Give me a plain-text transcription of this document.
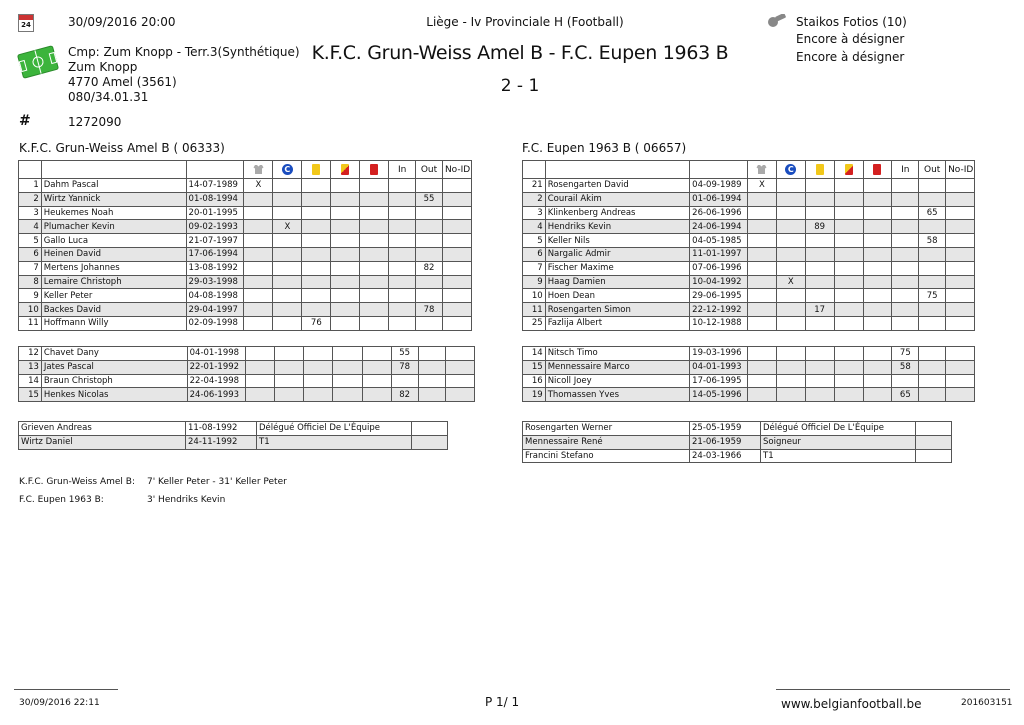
24	30/09/2016 20:00
Cmp: Zum Knopp - Terr.3(Synthétique)
Zum Knopp
4770 Amel (3561)
080/34.01.31
Liège - Iv Provinciale H (Football)
K.F.C. Grun-Weiss Amel B - F.C. Eupen 1963 B
2 - 1
Staikos Fotios (10)
Encore à désigner
Encore à désigner
#	1272090
K.F.C. Grun-Weiss Amel B ( 06333)	F.C. Eupen 1963 B ( 06657)
				C				In	Out	No-ID
1	Dahm Pascal	14-07-1989	X							
2	Wirtz Yannick	01-08-1994							55	
3	Heukemes Noah	20-01-1995								
4	Plumacher Kevin	09-02-1993		X						
5	Gallo Luca	21-07-1997								
6	Heinen David	17-06-1994								
7	Mertens Johannes	13-08-1992							82	
8	Lemaire Christoph	29-03-1998								
9	Keller Peter	04-08-1998								
10	Backes David	29-04-1997							78	
11	Hoffmann Willy	02-09-1998			76					
12	Chavet Dany	04-01-1998						55		
13	Jates Pascal	22-01-1992						78		
14	Braun Christoph	22-04-1998								
15	Henkes Nicolas	24-06-1993						82		
Grieven Andreas	11-08-1992	Délégué Officiel De L'Équipe	
Wirtz Daniel	24-11-1992	T1	
				C				In	Out	No-ID
21	Rosengarten David	04-09-1989	X							
2	Courail Akim	01-06-1994								
3	Klinkenberg Andreas	26-06-1996							65	
4	Hendriks Kevin	24-06-1994			89					
5	Keller Nils	04-05-1985							58	
6	Nargalic Admir	11-01-1997								
7	Fischer Maxime	07-06-1996								
9	Haag Damien	10-04-1992		X						
10	Hoen Dean	29-06-1995							75	
11	Rosengarten Simon	22-12-1992			17					
25	Fazlija Albert	10-12-1988								
14	Nitsch Timo	19-03-1996						75		
15	Mennessaire Marco	04-01-1993						58		
16	Nicoll Joey	17-06-1995								
19	Thomassen Yves	14-05-1996						65		
Rosengarten Werner	25-05-1959	Délégué Officiel De L'Équipe	
Mennessaire René	21-06-1959	Soigneur	
Francini Stefano	24-03-1966	T1	
K.F.C. Grun-Weiss Amel B: 7' Keller Peter - 31' Keller Peter
F.C. Eupen 1963 B:	3' Hendriks Kevin
30/09/2016 22:11	P 1/ 1	www.belgianfootball.be	201603151
